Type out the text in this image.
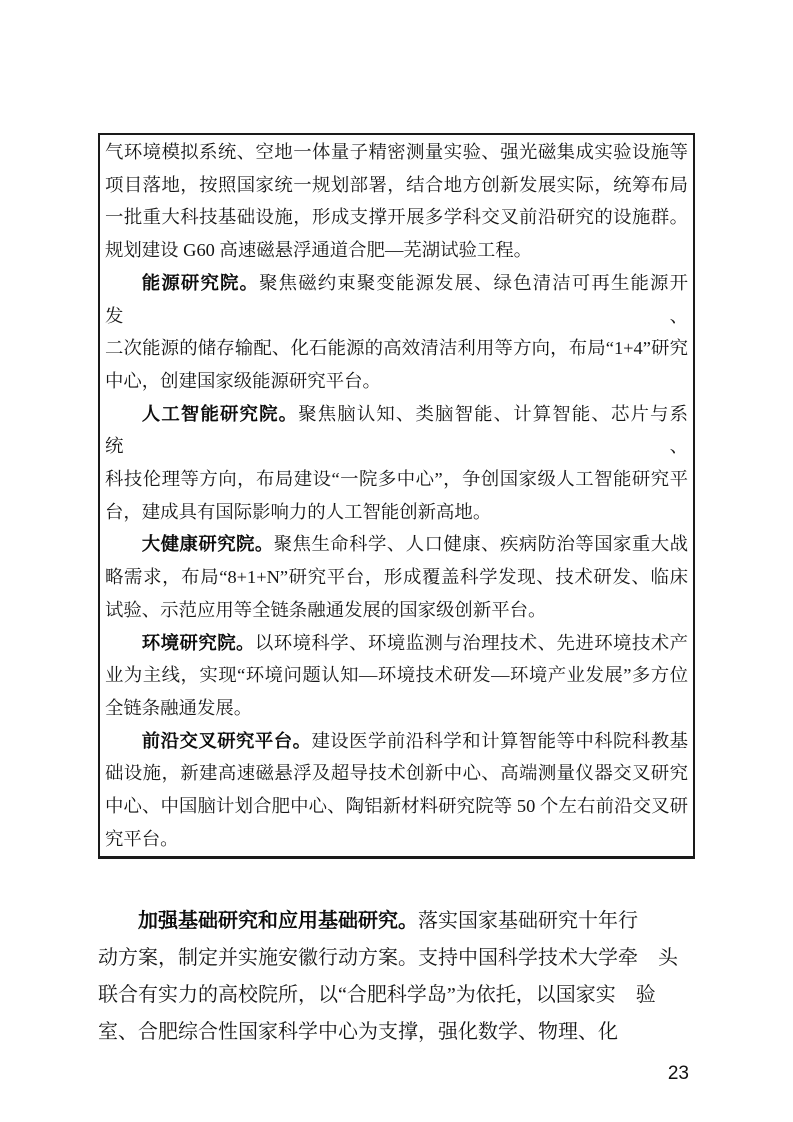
气环境模拟系统、空地一体量子精密测量实验、强光磁集成实验设施等
项目落地，按照国家统一规划部署，结合地方创新发展实际，统筹布局
一批重大科技基础设施，形成支撑开展多学科交叉前沿研究的设施群。
规划建设 G60 高速磁悬浮通道合肥—芜湖试验工程。
能源研究院。聚焦磁约束聚变能源发展、绿色清洁可再生能源开发、
二次能源的储存输配、化石能源的高效清洁利用等方向，布局“1+4”研究
中心，创建国家级能源研究平台。
人工智能研究院。聚焦脑认知、类脑智能、计算智能、芯片与系统、
科技伦理等方向，布局建设“一院多中心”，争创国家级人工智能研究平
台，建成具有国际影响力的人工智能创新高地。
大健康研究院。聚焦生命科学、人口健康、疾病防治等国家重大战
略需求，布局“8+1+N”研究平台，形成覆盖科学发现、技术研发、临床
试验、示范应用等全链条融通发展的国家级创新平台。
环境研究院。以环境科学、环境监测与治理技术、先进环境技术产
业为主线，实现“环境问题认知—环境技术研发—环境产业发展”多方位
全链条融通发展。
前沿交叉研究平台。建设医学前沿科学和计算智能等中科院科教基
础设施，新建高速磁悬浮及超导技术创新中心、高端测量仪器交叉研究
中心、中国脑计划合肥中心、陶铝新材料研究院等 50 个左右前沿交叉研
究平台。
加强基础研究和应用基础研究。落实国家基础研究十年行
动方案，制定并实施安徽行动方案。支持中国科学技术大学牵　头
联合有实力的高校院所，以“合肥科学岛”为依托，以国家实　验
室、合肥综合性国家科学中心为支撑，强化数学、物理、化
23
